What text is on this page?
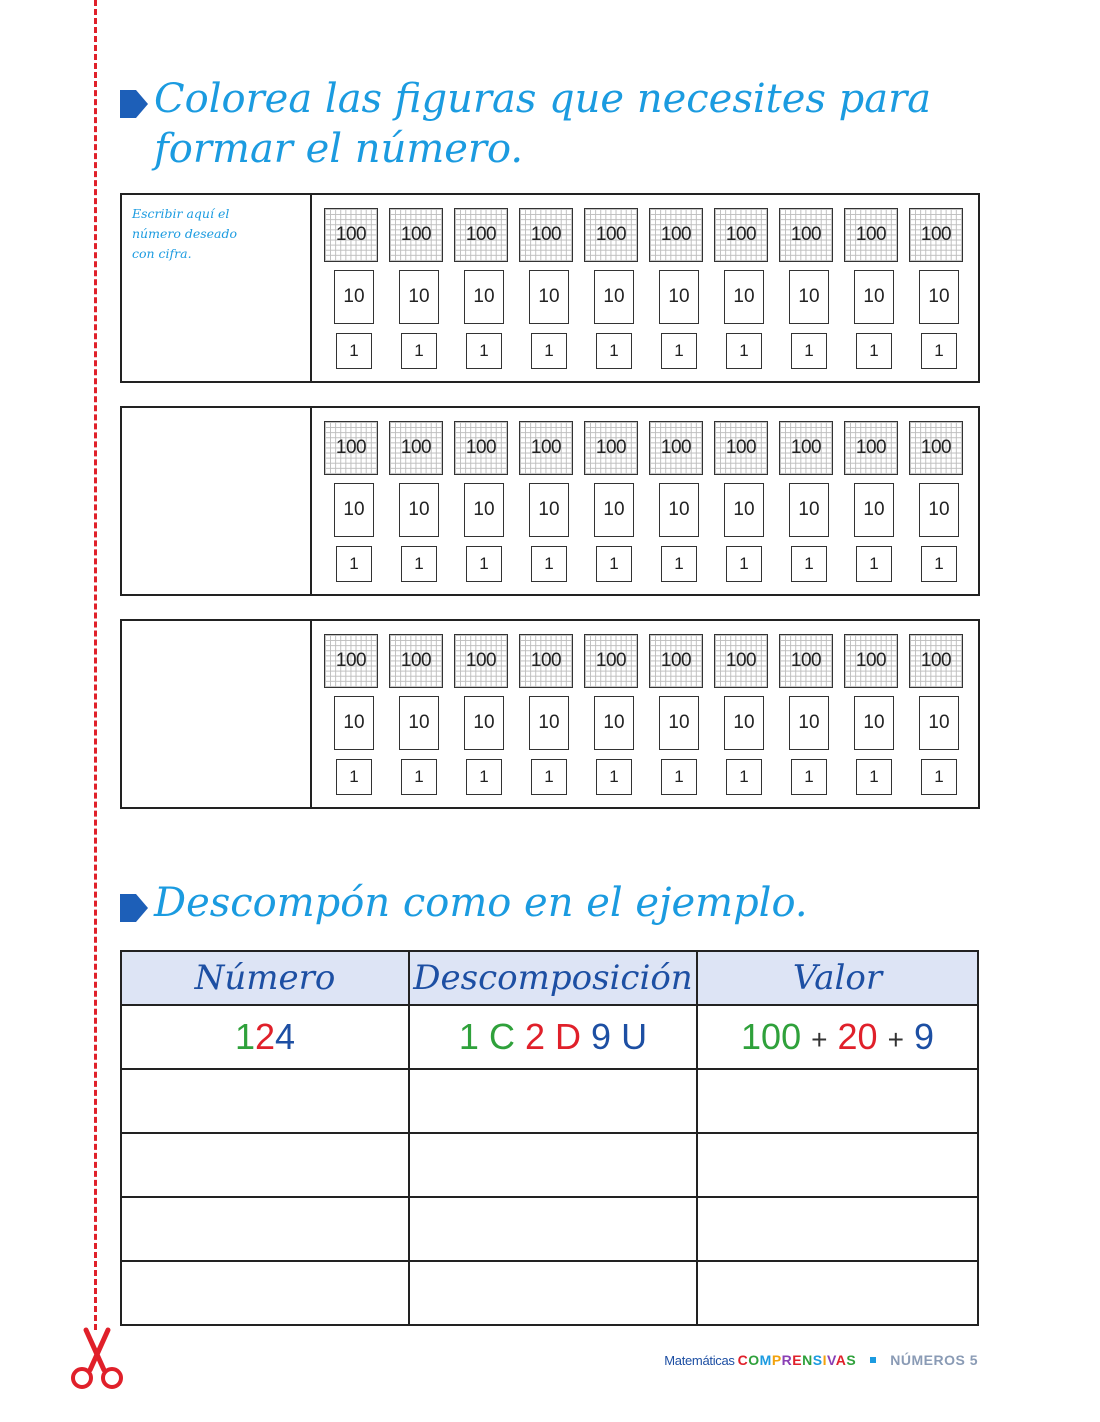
Colorea las figuras que necesites para formar el número.
Escribir aquí el número deseado con cifra.
100	100	100	100	100	100	100	100	100	100
10	10	10	10	10	10	10	10	10	10
1	1	1	1	1	1	1	1	1	1
100	100	100	100	100	100	100	100	100	100
10	10	10	10	10	10	10	10	10	10
1	1	1	1	1	1	1	1	1	1
100	100	100	100	100	100	100	100	100	100
10	10	10	10	10	10	10	10	10	10
1	1	1	1	1	1	1	1	1	1
Descompón como en el ejemplo.
Número	Descomposición	Valor
124	1 C 2 D 9 U	100 + 20 + 9

Matemáticas COMPRENSIVAS NÚMEROS 5
